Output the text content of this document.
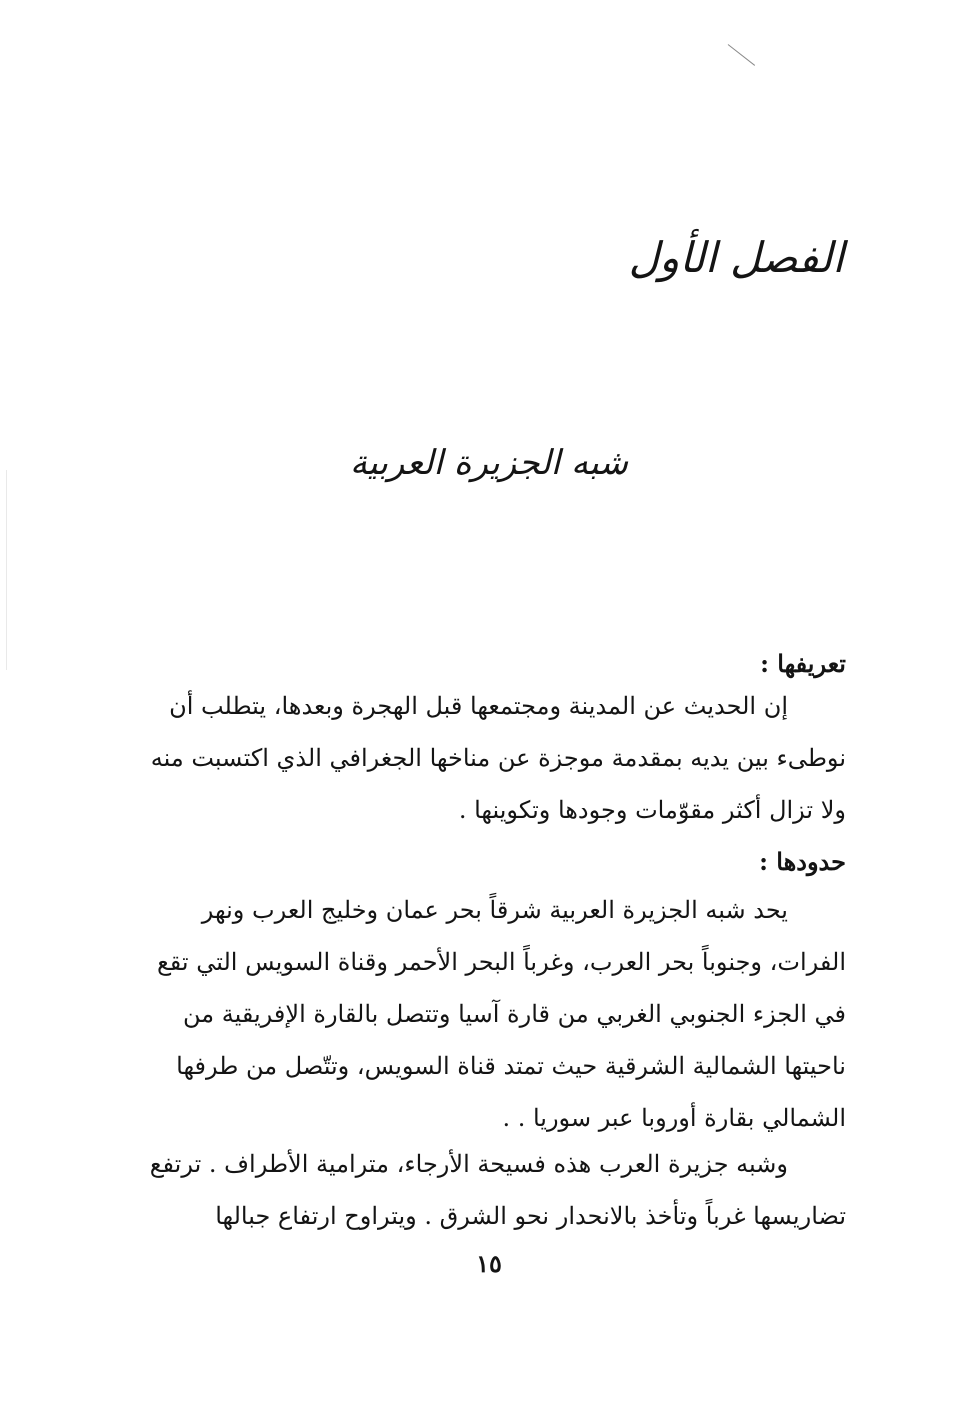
الفصل الأول
شبه الجزيرة العربية
تعريفها :
إن الحديث عن المدينة ومجتمعها قبل الهجرة وبعدها، يتطلب أن
نوطىء بين يديه بمقدمة موجزة عن مناخها الجغرافي الذي اكتسبت منه
ولا تزال أكثر مقوّمات وجودها وتكوينها .
حدودها :
يحد شبه الجزيرة العربية شرقاً بحر عمان وخليج العرب ونهر
الفرات، وجنوباً بحر العرب، وغرباً البحر الأحمر وقناة السويس التي تقع
في الجزء الجنوبي الغربي من قارة آسيا وتتصل بالقارة الإفريقية من
ناحيتها الشمالية الشرقية حيث تمتد قناة السويس، وتتّصل من طرفها
الشمالي بقارة أوروبا عبر سوريا . .
وشبه جزيرة العرب هذه فسيحة الأرجاء، مترامية الأطراف . ترتفع
تضاريسها غرباً وتأخذ بالانحدار نحو الشرق . ويتراوح ارتفاع جبالها
١٥
